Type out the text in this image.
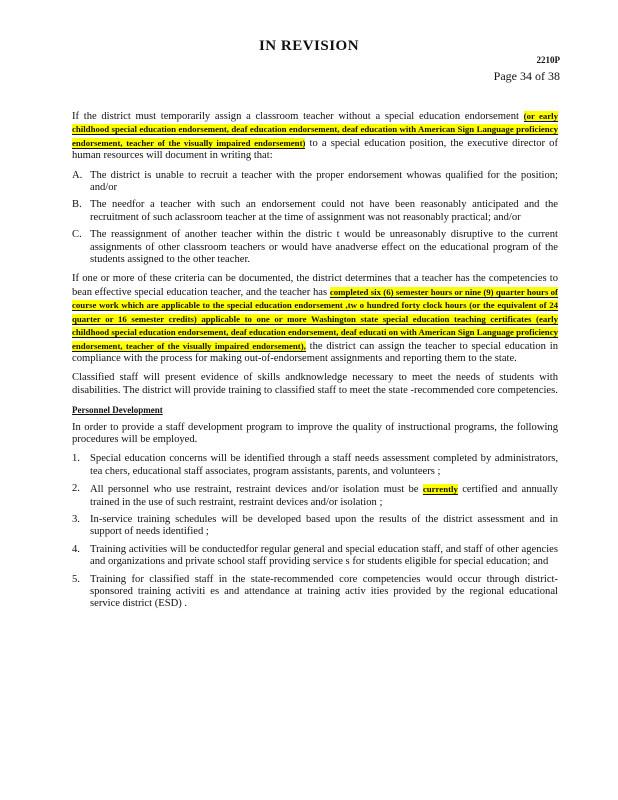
IN REVISION
2210P
Page 34 of 38

If the district must temporarily assign a classroom teacher without a special education endorsement (or early childhood special education endorsement, deaf education endorsement, deaf education with American Sign Language proficiency endorsement, teacher of the visually impaired endorsement) to a special education position, the executive director of human resources will document in writing that:

A. The district is unable to recruit a teacher with the proper endorsement whowas qualified for the position; and/or
B. The needfor a teacher with such an endorsement could not have been reasonably anticipated and the recruitment of such aclassroom teacher at the time of assignment was not reasonably practical; and/or
C. The reassignment of another teacher within the distric t would be unreasonably disruptive to the current assignments of other classroom teachers or would have anadverse effect on the educational program of the students assigned to the other teacher.

If one or more of these criteria can be documented, the district determines that a teacher has the competencies to bean effective special education teacher, and the teacher has completed six (6) semester hours or nine (9) quarter hours of course work which are applicable to the special education endorsement ,tw o hundred forty clock hours (or the equivalent of 24 quarter or 16 semester credits) applicable to one or more Washington state special education teaching certificates (early childhood special education endorsement, deaf education endorsement, deaf educati on with American Sign Language proficiency endorsement, teacher of the visually impaired endorsement), the district can assign the teacher to special education in compliance with the process for making out-of-endorsement assignments and reporting them to the state.

Classified staff will present evidence of skills andknowledge necessary to meet the needs of students with disabilities. The district will provide training to classified staff to meet the state -recommended core competencies.

Personnel Development

In order to provide a staff development program to improve the quality of instructional programs, the following procedures will be employed.

1. Special education concerns will be identified through a staff needs assessment completed by administrators, tea chers, educational staff associates, program assistants, parents, and volunteers ;
2. All personnel who use restraint, restraint devices and/or isolation must be currently certified and annually trained in the use of such restraint, restraint devices and/or isolation ;
3. In-service training schedules will be developed based upon the results of the district assessment and in support of needs identified ;
4. Training activities will be conductedfor regular general and special education staff, and staff of other agencies and organizations and private school staff providing service s for students eligible for special education; and
5. Training for classified staff in the state-recommended core competencies would occur through district-sponsored training activiti es and attendance at training activ ities provided by the regional educational service district (ESD) .
